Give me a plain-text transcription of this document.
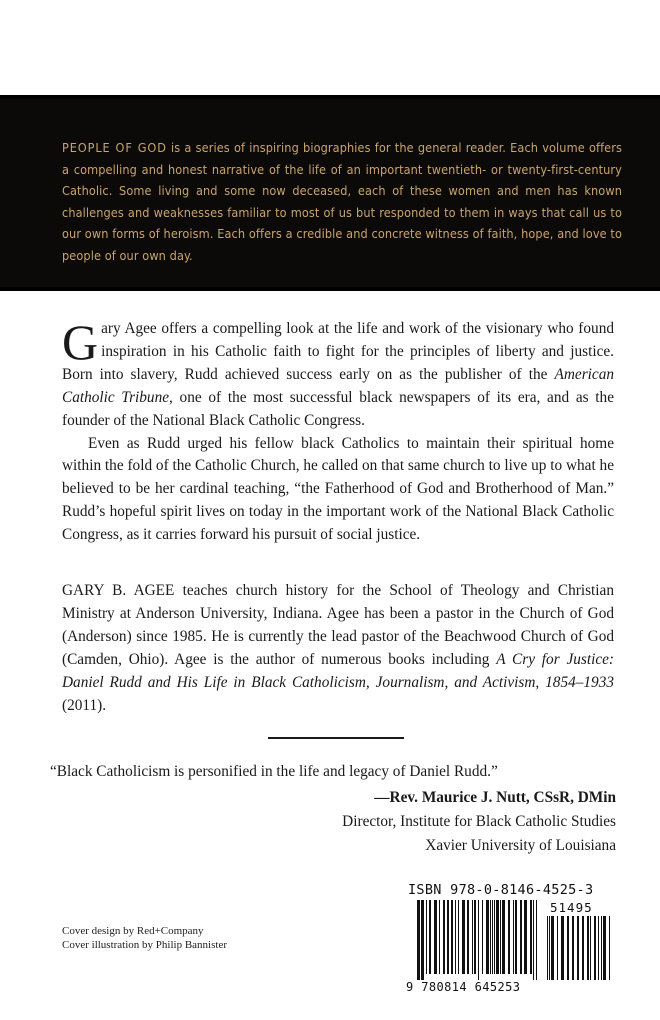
PEOPLE OF GOD is a series of inspiring biographies for the general reader. Each volume offers a compelling and honest narrative of the life of an important twentieth- or twenty-first-century Catholic. Some living and some now deceased, each of these women and men has known challenges and weaknesses familiar to most of us but responded to them in ways that call us to our own forms of heroism. Each offers a credible and concrete witness of faith, hope, and love to people of our own day.

Gary Agee offers a compelling look at the life and work of the visionary who found inspiration in his Catholic faith to fight for the principles of liberty and justice. Born into slavery, Rudd achieved success early on as the publisher of the American Catholic Tribune, one of the most successful black newspapers of its era, and as the founder of the National Black Catholic Congress.

Even as Rudd urged his fellow black Catholics to maintain their spiritual home within the fold of the Catholic Church, he called on that same church to live up to what he believed to be her cardinal teaching, “the Fatherhood of God and Brotherhood of Man.” Rudd’s hopeful spirit lives on today in the important work of the National Black Catholic Congress, as it carries forward his pursuit of social justice.

GARY B. AGEE teaches church history for the School of Theology and Christian Ministry at Anderson University, Indiana. Agee has been a pastor in the Church of God (Anderson) since 1985. He is currently the lead pastor of the Beachwood Church of God (Camden, Ohio). Agee is the author of numerous books including A Cry for Justice: Daniel Rudd and His Life in Black Catholicism, Journalism, and Activism, 1854–1933 (2011).

“Black Catholicism is personified in the life and legacy of Daniel Rudd.”
—Rev. Maurice J. Nutt, CSsR, DMin
Director, Institute for Black Catholic Studies
Xavier University of Louisiana
Cover design by Red+Company
Cover illustration by Philip Bannister
ISBN 978-0-8146-4525-3
51495
9 780814 645253
